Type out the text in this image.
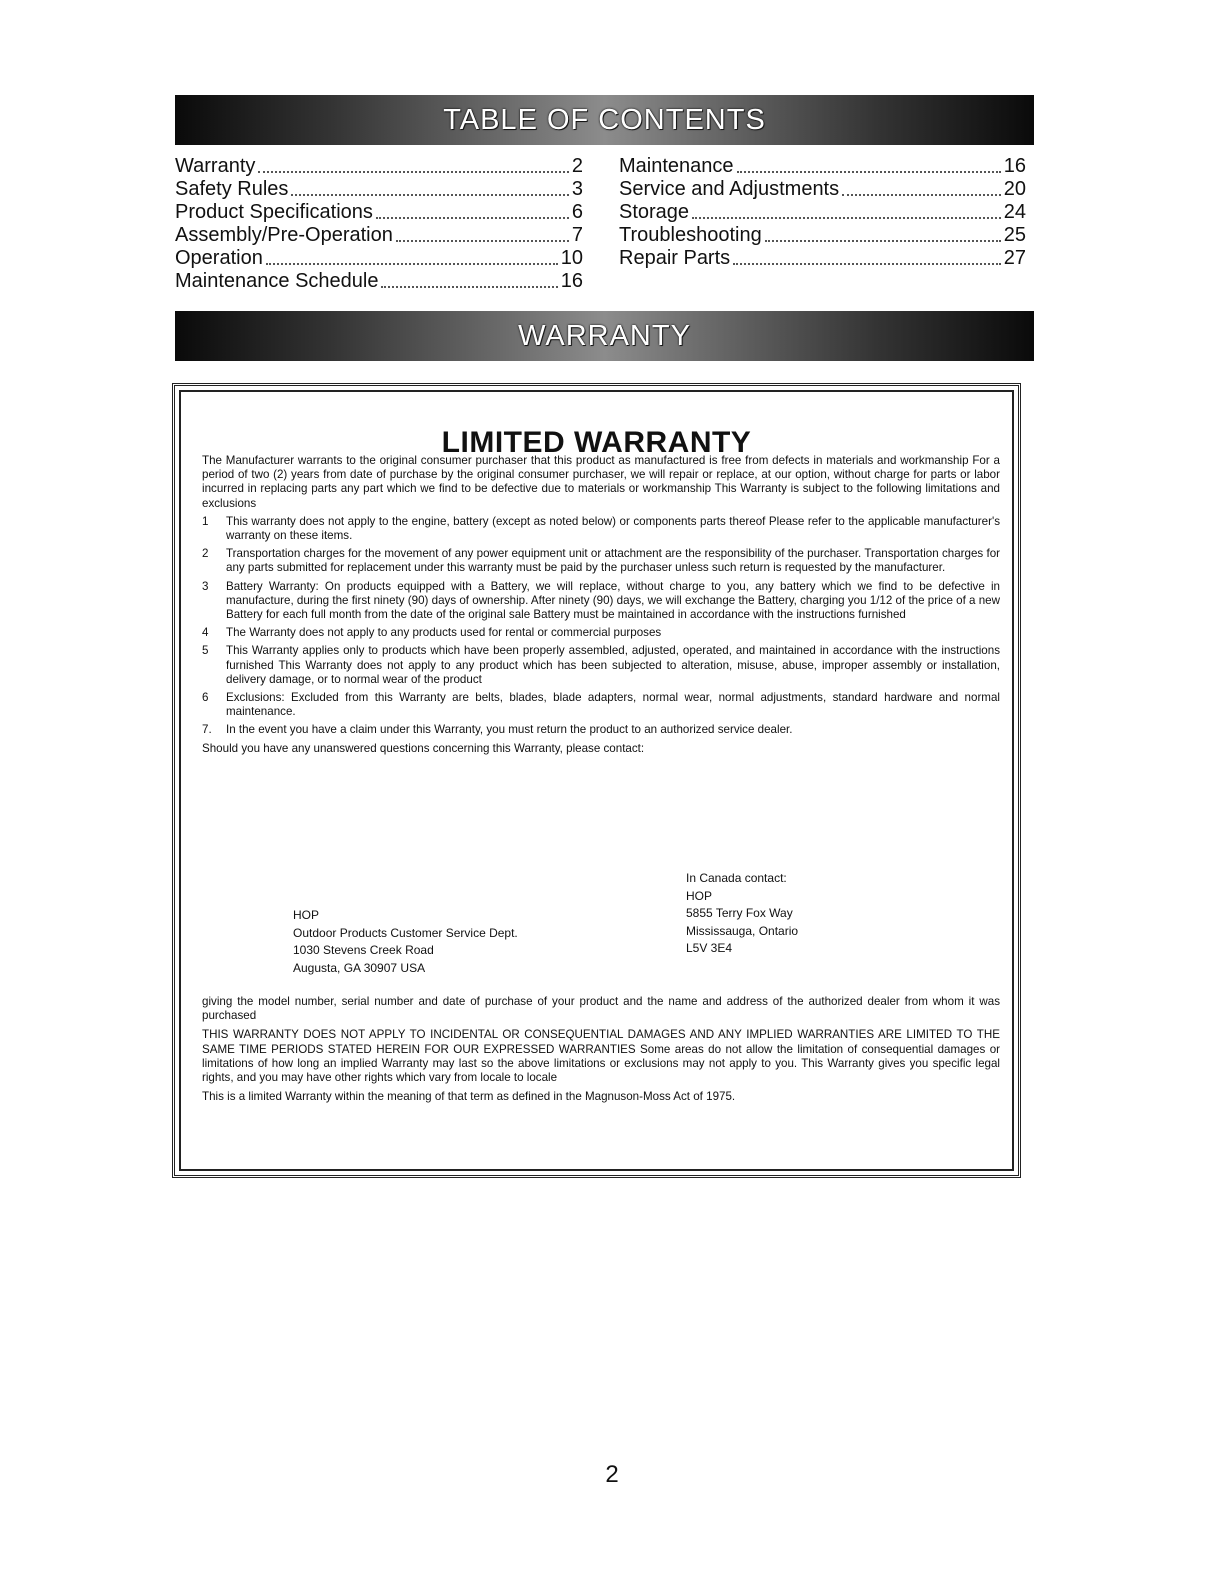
TABLE OF CONTENTS
Warranty	2
Safety Rules	3
Product Specifications	6
Assembly/Pre-Operation	7
Operation	10
Maintenance Schedule	16
Maintenance	16
Service and Adjustments	20
Storage	24
Troubleshooting	25
Repair Parts	27
WARRANTY
LIMITED WARRANTY

The Manufacturer warrants to the original consumer purchaser that this product as manufactured is free from defects in materials and workmanship For a period of two (2) years from date of purchase by the original consumer purchaser, we will repair or replace, at our option, without charge for parts or labor incurred in replacing parts any part which we find to be defective due to materials or workmanship This Warranty is subject to the following limitations and exclusions

1	This warranty does not apply to the engine, battery (except as noted below) or components parts thereof Please refer to the applicable manufacturer's warranty on these items.
2	Transportation charges for the movement of any power equipment unit or attachment are the responsibility of the purchaser. Transportation charges for any parts submitted for replacement under this warranty must be paid by the purchaser unless such return is requested by the manufacturer.
3	Battery Warranty: On products equipped with a Battery, we will replace, without charge to you, any battery which we find to be defective in manufacture, during the first ninety (90) days of ownership. After ninety (90) days, we will exchange the Battery, charging you 1/12 of the price of a new Battery for each full month from the date of the original sale Battery must be maintained in accordance with the instructions furnished
4	The Warranty does not apply to any products used for rental or commercial purposes
5	This Warranty applies only to products which have been properly assembled, adjusted, operated, and maintained in accordance with the instructions furnished This Warranty does not apply to any product which has been subjected to alteration, misuse, abuse, improper assembly or installation, delivery damage, or to normal wear of the product
6	Exclusions: Excluded from this Warranty are belts, blades, blade adapters, normal wear, normal adjustments, standard hardware and normal maintenance.
7.	In the event you have a claim under this Warranty, you must return the product to an authorized service dealer.

Should you have any unanswered questions concerning this Warranty, please contact:

HOP
Outdoor Products Customer Service Dept.
1030 Stevens Creek Road
Augusta, GA 30907 USA
In Canada contact:
HOP
5855 Terry Fox Way
Mississauga, Ontario
L5V 3E4

giving the model number, serial number and date of purchase of your product and the name and address of the authorized dealer from whom it was purchased

THIS WARRANTY DOES NOT APPLY TO INCIDENTAL OR CONSEQUENTIAL DAMAGES AND ANY IMPLIED WARRANTIES ARE LIMITED TO THE SAME TIME PERIODS STATED HEREIN FOR OUR EXPRESSED WARRANTIES Some areas do not allow the limitation of consequential damages or limitations of how long an implied Warranty may last so the above limitations or exclusions may not apply to you. This Warranty gives you specific legal rights, and you may have other rights which vary from locale to locale

This is a limited Warranty within the meaning of that term as defined in the Magnuson-Moss Act of 1975.

2
